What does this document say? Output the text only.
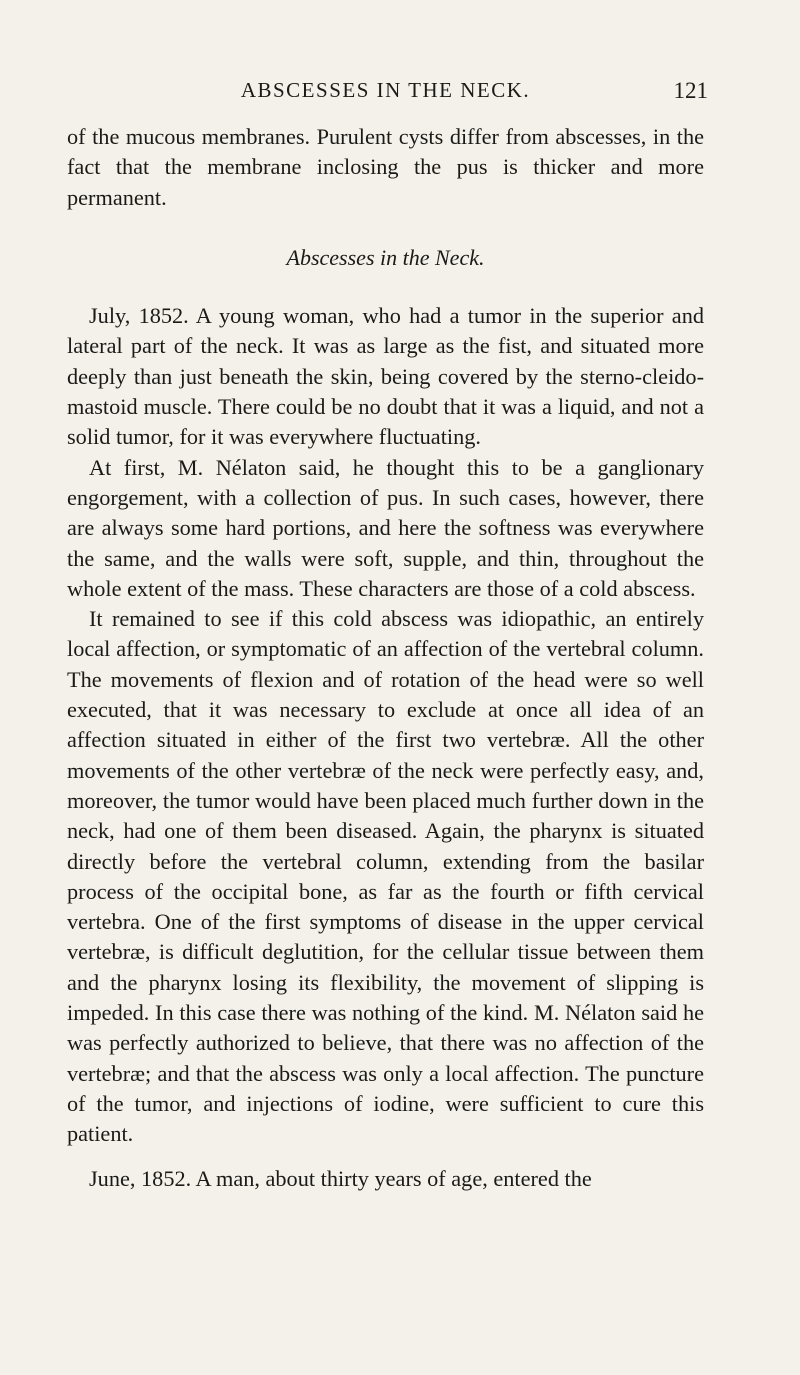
ABSCESSES IN THE NECK.	121

of the mucous membranes. Purulent cysts differ from abscesses, in the fact that the membrane inclosing the pus is thicker and more permanent.

Abscesses in the Neck.

July, 1852. A young woman, who had a tumor in the superior and lateral part of the neck. It was as large as the fist, and situated more deeply than just beneath the skin, being covered by the sterno-cleido-mastoid muscle. There could be no doubt that it was a liquid, and not a solid tumor, for it was everywhere fluctuating.

At first, M. Nélaton said, he thought this to be a ganglionary engorgement, with a collection of pus. In such cases, however, there are always some hard portions, and here the softness was everywhere the same, and the walls were soft, supple, and thin, throughout the whole extent of the mass. These characters are those of a cold abscess.

It remained to see if this cold abscess was idiopathic, an entirely local affection, or symptomatic of an affection of the vertebral column. The movements of flexion and of rotation of the head were so well executed, that it was necessary to exclude at once all idea of an affection situated in either of the first two vertebræ. All the other movements of the other vertebræ of the neck were perfectly easy, and, moreover, the tumor would have been placed much further down in the neck, had one of them been diseased. Again, the pharynx is situated directly before the vertebral column, extending from the basilar process of the occipital bone, as far as the fourth or fifth cervical vertebra. One of the first symptoms of disease in the upper cervical vertebræ, is difficult deglutition, for the cellular tissue between them and the pharynx losing its flexibility, the movement of slipping is impeded. In this case there was nothing of the kind. M. Nélaton said he was perfectly authorized to believe, that there was no affection of the vertebræ; and that the abscess was only a local affection. The puncture of the tumor, and injections of iodine, were sufficient to cure this patient.

June, 1852. A man, about thirty years of age, entered the
